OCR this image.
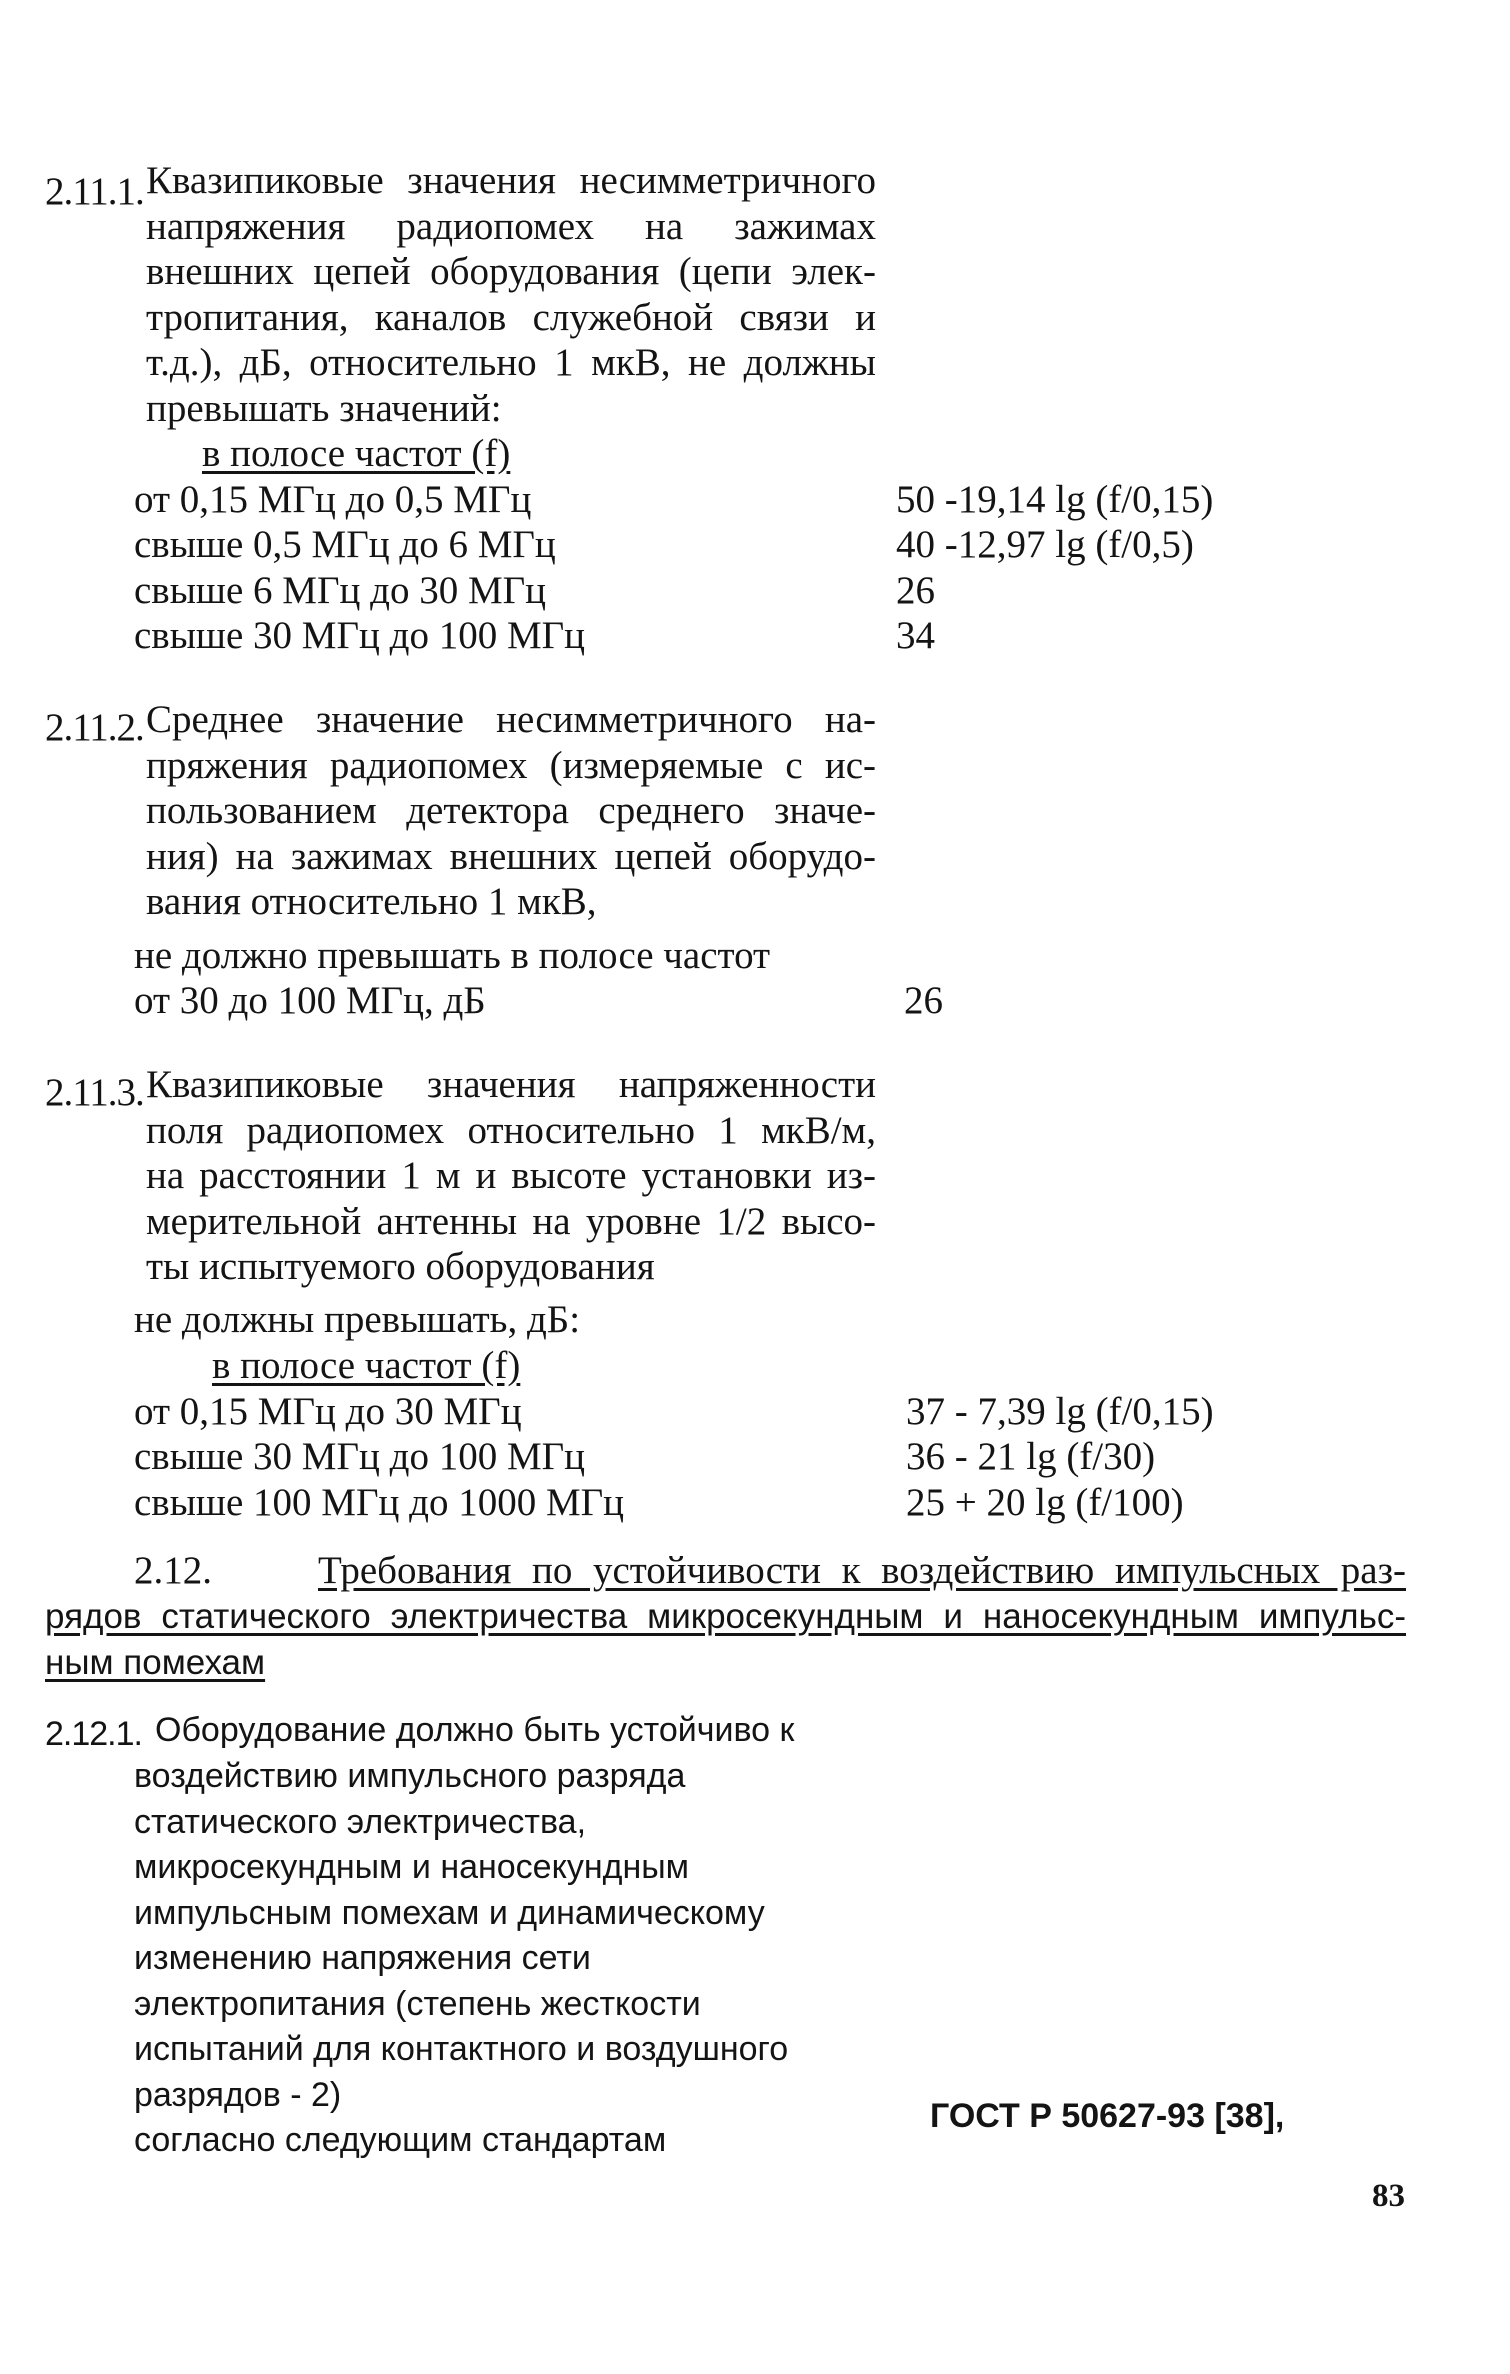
2.11.1. Квазипиковые значения несимметричного
напряжения радиопомех на зажимах
внешних цепей оборудования (цепи элек-
тропитания, каналов служебной связи и
т.д.), дБ, относительно 1 мкВ, не должны
превышать значений:
в полосе частот (f)
от 0,15 МГц до 0,5 МГц	50 -19,14 lg (f/0,15)
свыше 0,5 МГц до 6 МГц	40 -12,97 lg (f/0,5)
свыше 6 МГц до 30 МГц	26
свыше 30 МГц до 100 МГц	34
2.11.2. Среднее значение несимметричного на-
пряжения радиопомех (измеряемые с ис-
пользованием детектора среднего значе-
ния) на зажимах внешних цепей оборудо-
вания относительно 1 мкВ,
не должно превышать в полосе частот
от 30 до 100 МГц, дБ	26
2.11.3. Квазипиковые значения напряженности
поля радиопомех относительно 1 мкВ/м,
на расстоянии 1 м и высоте установки из-
мерительной антенны на уровне 1/2 высо-
ты испытуемого оборудования
не должны превышать, дБ:
в полосе частот (f)
от 0,15 МГц до 30 МГц	37 - 7,39 lg (f/0,15)
свыше 30 МГц до 100 МГц	36 - 21 lg (f/30)
свыше 100 МГц до 1000 МГц	25 + 20 lg (f/100)
2.12.	Требования по устойчивости к воздействию импульсных раз-
рядов статического электричества микросекундным и наносекундным импульс-
ным помехам
2.12.1. Оборудование должно быть устойчиво к
воздействию импульсного разряда
статического электричества,
микросекундным и наносекундным
импульсным помехам и динамическому
изменению напряжения сети
электропитания (степень жесткости
испытаний для контактного и воздушного
разрядов - 2)
согласно следующим стандартам
ГОСТ Р 50627-93 [38],
83
